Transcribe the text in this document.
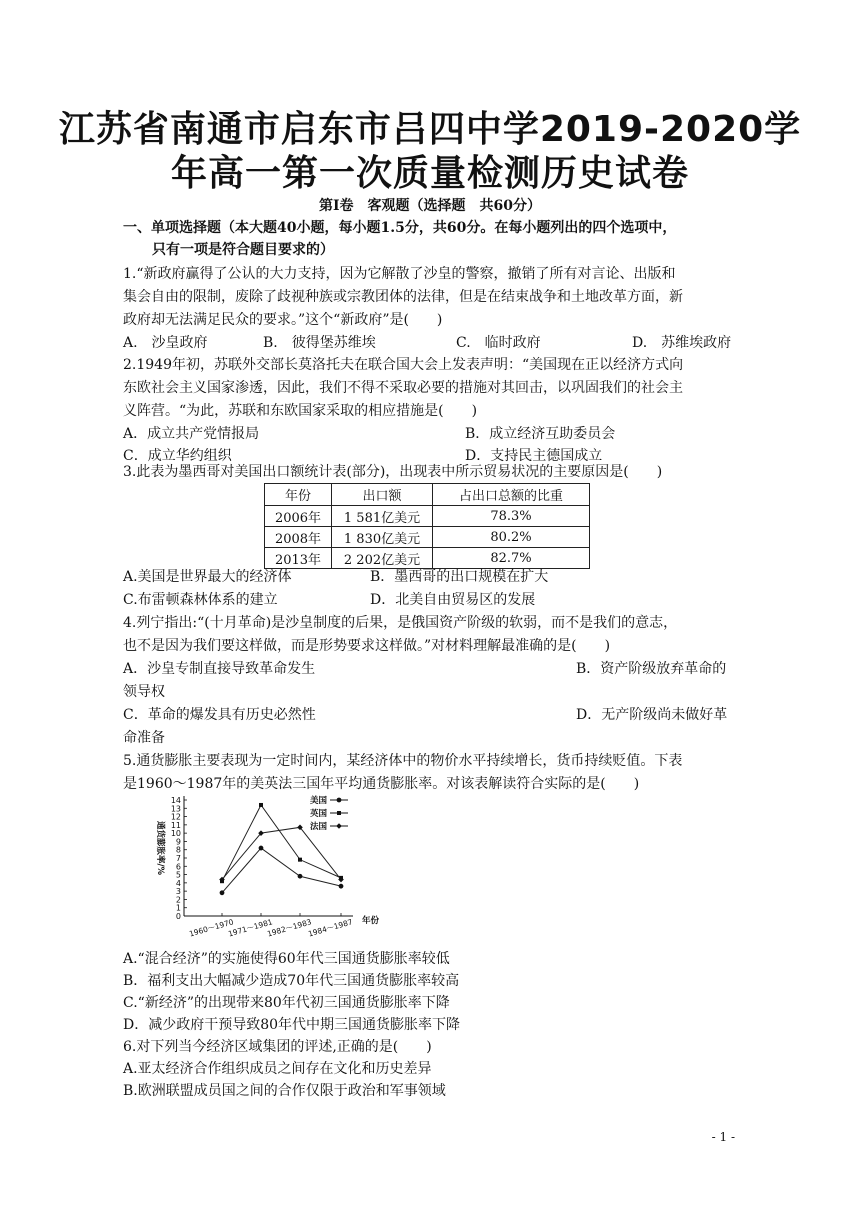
江苏省南通市启东市吕四中学2019-2020学
年高一第一次质量检测历史试卷
第Ⅰ卷　客观题（选择题　共60分）
一、单项选择题（本大题40小题，每小题1.5分，共60分。在每小题列出的四个选项中，
只有一项是符合题目要求的）
1.“新政府赢得了公认的大力支持，因为它解散了沙皇的警察，撤销了所有对言论、出版和
集会自由的限制，废除了歧视种族或宗教团体的法律，但是在结束战争和土地改革方面，新
政府却无法满足民众的要求。”这个“新政府”是(　　)
A.　沙皇政府	B.　彼得堡苏维埃	C.　临时政府	D.　苏维埃政府
2.1949年初，苏联外交部长莫洛托夫在联合国大会上发表声明：“美国现在正以经济方式向
东欧社会主义国家渗透，因此，我们不得不采取必要的措施对其回击，以巩固我们的社会主
义阵营。“为此，苏联和东欧国家采取的相应措施是(　　)
A．成立共产党情报局	B．成立经济互助委员会
C．成立华约组织	D．支持民主德国成立
3.此表为墨西哥对美国出口额统计表(部分)，出现表中所示贸易状况的主要原因是(　　)
年份	出口额	占出口总额的比重
2006年	1 581亿美元	78.3%
2008年	1 830亿美元	80.2%
2013年	2 202亿美元	82.7%
A.美国是世界最大的经济体	B．墨西哥的出口规模在扩大
C.布雷顿森林体系的建立	D．北美自由贸易区的发展
4.列宁指出:“(十月革命)是沙皇制度的后果，是俄国资产阶级的软弱，而不是我们的意志，
也不是因为我们要这样做，而是形势要求这样做。”对材料理解最准确的是(　　)
A．沙皇专制直接导致革命发生	B．资产阶级放弃革命的
领导权
C．革命的爆发具有历史必然性	D．无产阶级尚未做好革
命准备
5.通货膨胀主要表现为一定时间内，某经济体中的物价水平持续增长，货币持续贬值。下表
是1960～1987年的美英法三国年平均通货膨胀率。对该表解读符合实际的是(　　)
0
1
2
3
4
5
6
7
8
9
10
11
12
13
14
通货膨胀率/%
1960～1970
1971～1981
1982～1983
1984～1987 年份
美国
英国
法国
A.“混合经济”的实施使得60年代三国通货膨胀率较低
B．福利支出大幅减少造成70年代三国通货膨胀率较高
C.“新经济”的出现带来80年代初三国通货膨胀率下降
D．减少政府干预导致80年代中期三国通货膨胀率下降
6.对下列当今经济区域集团的评述,正确的是(　　)
A.亚太经济合作组织成员之间存在文化和历史差异
B.欧洲联盟成员国之间的合作仅限于政治和军事领域
- 1 -
